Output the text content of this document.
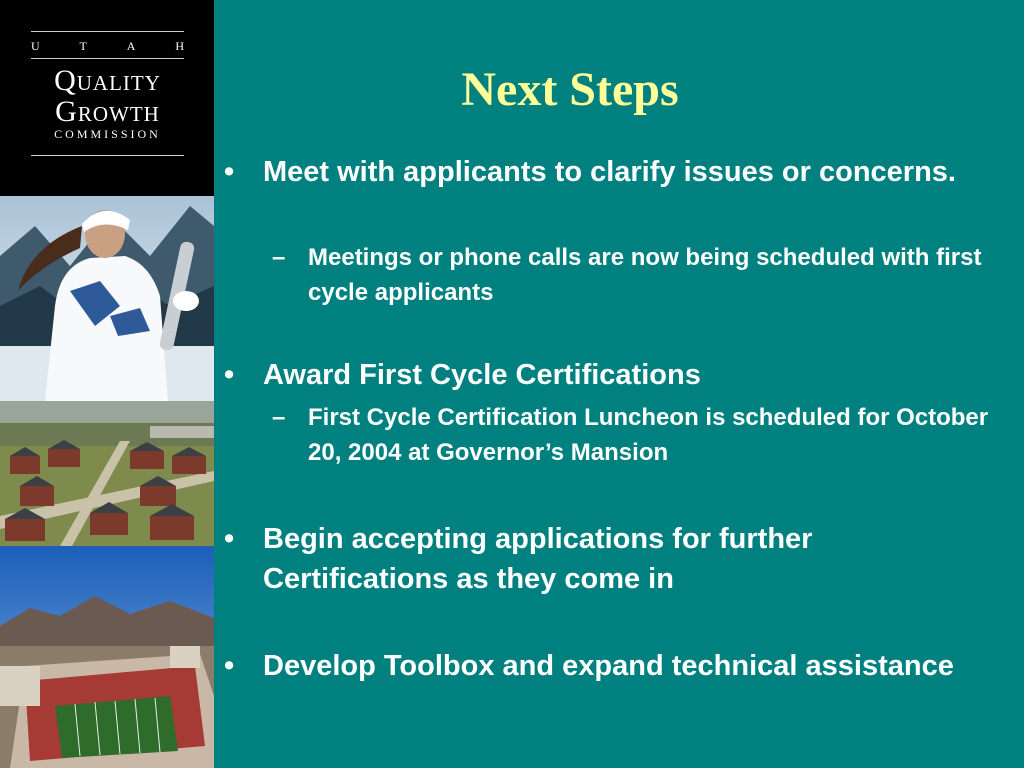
U	T	A	H
Quality
Growth
COMMISSION
Next Steps
• Meet with applicants to clarify issues or concerns.
– Meetings or phone calls are now being scheduled with first cycle applicants
• Award First Cycle Certifications
– First Cycle Certification Luncheon is scheduled for October 20, 2004 at Governor’s Mansion
• Begin accepting applications for further Certifications as they come in
• Develop Toolbox and expand technical assistance
